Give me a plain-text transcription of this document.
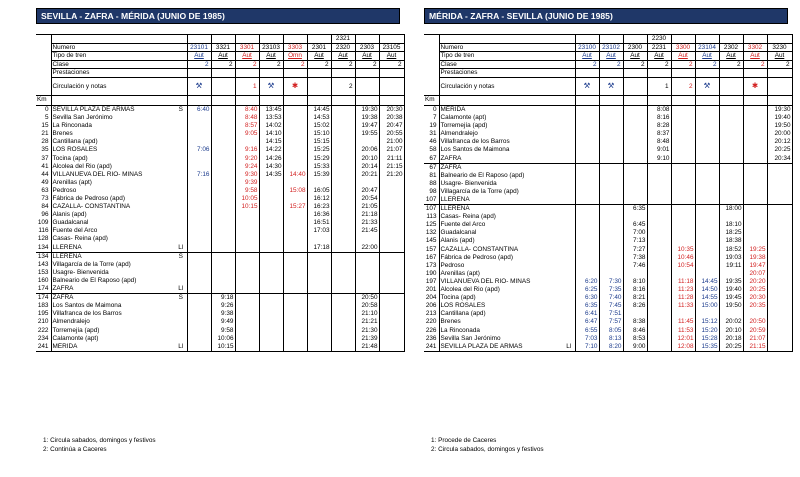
SEVILLA - ZAFRA - MÉRIDA (JUNIO DE 1985)
									2321		
	Numero		23101	3321	3301	23103	3303	2301	2320	2303	23105
	Tipo de tren		Aut	Aut	Aut	Aut	Omn	Aut	Aut	Aut	Aut
	Clase		2	2	2	2	2	2	2	2	2
	Prestaciones										
	Circulación y notas		⚒		1	⚒	✱		2		
Km											
0	SEVILLA PLAZA DE ARMAS	S	6:40		8:40	13:45		14:45		19:30	20:30
5	Sevilla San Jerónimo				8:48	13:53		14:53		19:38	20:38
15	La Rinconada				8:57	14:02		15:02		19:47	20:47
21	Brenes				9:05	14:10		15:10		19:55	20:55
28	Cantillana (apd)					14:15		15:15			21:00
35	LOS ROSALES		7:06		9:16	14:22		15:25		20:06	21:07
37	Tocina (apd)				9:20	14:26		15:29		20:10	21:11
41	Alcolea del Rio (apd)				9:24	14:30		15:33		20:14	21:15
44	VILLANUEVA DEL RIO- MINAS		7:16		9:30	14:35	14:40	15:39		20:21	21:20
49	Arenillas (apt)				9:39						
63	Pedroso				9:58		15:08	16:05		20:47	
73	Fábrica de Pedroso (apd)				10:05			16:12		20:54	
84	CAZALLA- CONSTANTINA				10:15		15:27	16:23		21:05	
96	Alanis (apd)							16:36		21:18	
109	Guadalcanal							16:51		21:33	
116	Fuente del Arco							17:03		21:45	
128	Casas- Reina (apd)										
134	LLERENA	Ll						17:18		22:00	
134	LLERENA	S									
143	Villagarcía de la Torre (apd)										
153	Usagre- Bienvenida										
160	Balneario de El Raposo (apd)										
174	ZAFRA	Ll									
174	ZAFRA	S		9:18						20:50	
183	Los Santos de Maimona			9:26						20:58	
195	Villafranca de los Barros			9:38						21:10	
210	Almendralejo			9:49						21:21	
222	Torremejía (apd)			9:58						21:30	
234	Calamonte (apt)			10:06						21:39	
241	MÉRIDA	Ll		10:15						21:48	
MÉRIDA - ZAFRA - SEVILLA (JUNIO DE 1985)
						2230					
	Numero		23100	23102	2300	2231	3300	23104	2302	3302	3230
	Tipo de tren		Aut	Aut	Aut	Aut	Aut	Aut	Aut	Aut	Aut
	Clase		2	2	2	2	2	2	2	2	2
	Prestaciones										
	Circulación y notas		⚒	⚒		1	2	⚒		✱	
Km											
0	MÉRIDA					8:08					19:30
7	Calamonte (apt)					8:16					19:40
19	Torremejía (apd)					8:28					19:50
31	Almendralejo					8:37					20:00
46	Villafranca de los Barros					8:48					20:12
58	Los Santos de Maimona					9:01					20:25
67	ZAFRA					9:10					20:34
67	ZAFRA										
81	Balneario de El Raposo (apd)										
88	Usagre- Bienvenida										
98	Villagarcía de la Torre (apd)										
107	LLERENA										
107	LLERENA				6:35				18:00		
113	Casas- Reina (apd)										
125	Fuente del Arco				6:45				18:10		
132	Guadalcanal				7:00				18:25		
145	Alanis (apd)				7:13				18:38		
157	CAZALLA- CONSTANTINA				7:27		10:35		18:52	19:25	
167	Fábrica de Pedroso (apd)				7:38		10:46		19:03	19:38	
173	Pedroso				7:46		10:54		19:11	19:47	
190	Arenillas (apt)									20:07	
197	VILLANUEVA DEL RIO- MINAS		6:20	7:30	8:10		11:18	14:45	19:35	20:20	
201	Alcolea del Rio (apd)		6:25	7:35	8:16		11:23	14:50	19:40	20:25	
204	Tocina (apd)		6:30	7:40	8:21		11:28	14:55	19:45	20:30	
206	LOS ROSALES		6:35	7:45	8:26		11:33	15:00	19:50	20:35	
213	Cantillana (apd)		6:41	7:51							
220	Brenes		6:47	7:57	8:38		11:45	15:12	20:02	20:50	
226	La Rinconada		6:55	8:05	8:46		11:53	15:20	20:10	20:59	
236	Sevilla San Jerónimo		7:03	8:13	8:53		12:01	15:28	20:18	21:07	
241	SEVILLA PLAZA DE ARMAS	Ll	7:10	8:20	9:00		12:08	15:35	20:25	21:15	
1: Circula sabados, domingos y festivos
2: Continúa a Caceres
1: Procede de Caceres
2: Circula sabados, domingos y festivos
